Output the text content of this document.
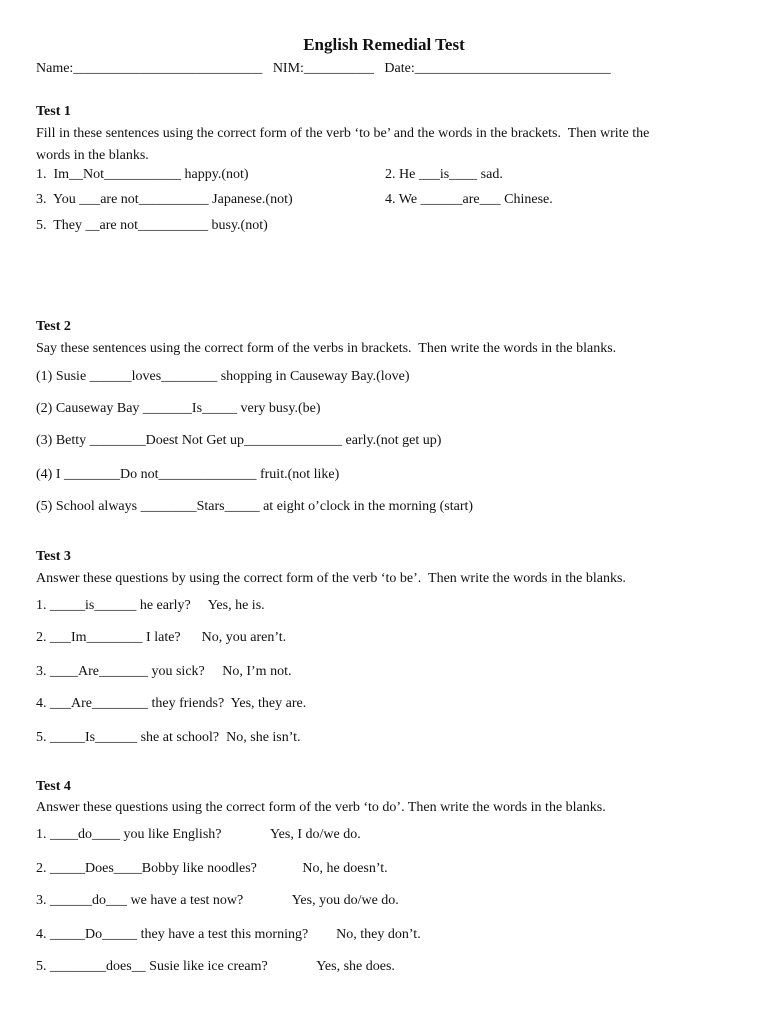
English Remedial Test
Name:___________________________   NIM:__________   Date:____________________________
Test 1
Fill in these sentences using the correct form of the verb ‘to be’ and the words in the brackets.  Then write the
words in the blanks.
1.  Im__Not___________ happy.(not)	2. He ___is____ sad.
3.  You ___are not__________ Japanese.(not)	4. We ______are___ Chinese.
5.  They __are not__________ busy.(not)
Test 2
Say these sentences using the correct form of the verbs in brackets.  Then write the words in the blanks.
(1) Susie ______loves________ shopping in Causeway Bay.(love)
(2) Causeway Bay _______Is_____ very busy.(be)
(3) Betty ________Doest Not Get up______________ early.(not get up)
(4) I ________Do not______________ fruit.(not like)
(5) School always ________Stars_____ at eight o’clock in the morning (start)
Test 3
Answer these questions by using the correct form of the verb ‘to be’.  Then write the words in the blanks.
1. _____is______ he early?     Yes, he is.
2. ___Im________ I late?      No, you aren’t.
3. ____Are_______ you sick?     No, I’m not.
4. ___Are________ they friends?  Yes, they are.
5. _____Is______ she at school?  No, she isn’t.
Test 4
Answer these questions using the correct form of the verb ‘to do’. Then write the words in the blanks.
1. ____do____ you like English?              Yes, I do/we do.
2. _____Does____Bobby like noodles?             No, he doesn’t.
3. ______do___ we have a test now?              Yes, you do/we do.
4. _____Do_____ they have a test this morning?        No, they don’t.
5. ________does__ Susie like ice cream?              Yes, she does.
